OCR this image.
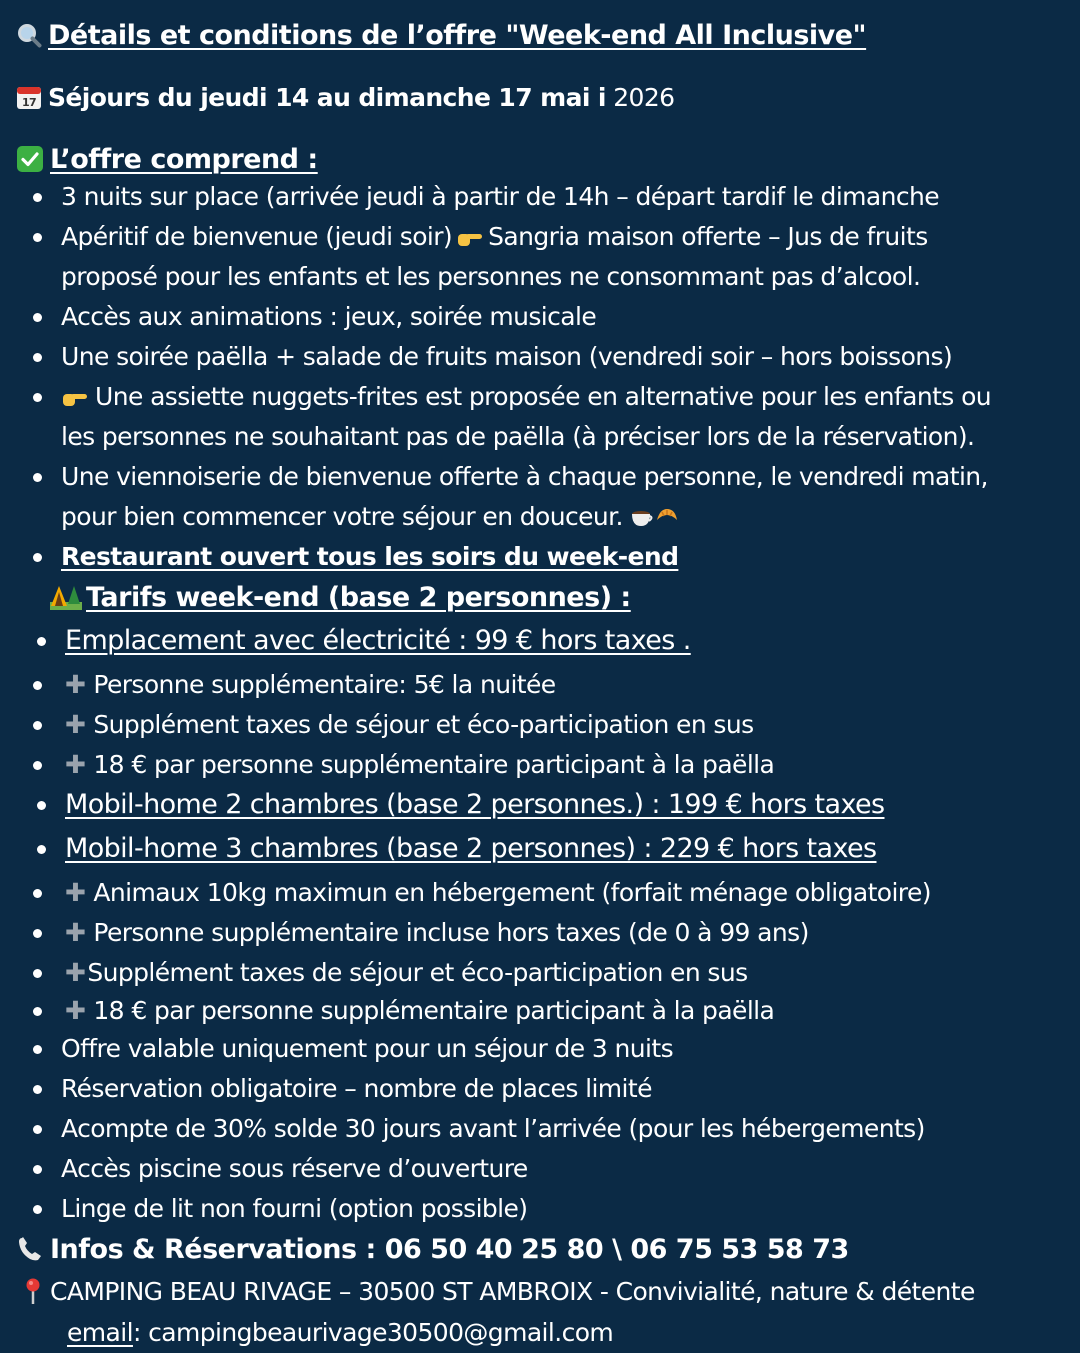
Détails et conditions de l’offre "Week-end All Inclusive"
17 Séjours du jeudi 14 au dimanche 17 mai i 2026
L’offre comprend :
3 nuits sur place (arrivée jeudi à partir de 14h – départ tardif le dimanche
Apéritif de bienvenue (jeudi soir) Sangria maison offerte – Jus de fruits
proposé pour les enfants et les personnes ne consommant pas d’alcool.
Accès aux animations : jeux, soirée musicale
Une soirée paëlla + salade de fruits maison (vendredi soir – hors boissons)
Une assiette nuggets-frites est proposée en alternative pour les enfants ou
les personnes ne souhaitant pas de paëlla (à préciser lors de la réservation).
Une viennoiserie de bienvenue offerte à chaque personne, le vendredi matin,
pour bien commencer votre séjour en douceur.
Restaurant ouvert tous les soirs du week-end
Tarifs week-end (base 2 personnes) :
Emplacement avec électricité : 99 € hors taxes .
✚ Personne supplémentaire: 5€ la nuitée
✚ Supplément taxes de séjour et éco-participation en sus
✚ 18 € par personne supplémentaire participant à la paëlla
Mobil-home 2 chambres (base 2 personnes.) : 199 € hors taxes
Mobil-home 3 chambres (base 2 personnes) : 229 € hors taxes
✚ Animaux 10kg maximun en hébergement (forfait ménage obligatoire)
✚ Personne supplémentaire incluse hors taxes (de 0 à 99 ans)
✚Supplément taxes de séjour et éco-participation en sus
✚ 18 € par personne supplémentaire participant à la paëlla
Offre valable uniquement pour un séjour de 3 nuits
Réservation obligatoire – nombre de places limité
Acompte de 30% solde 30 jours avant l’arrivée (pour les hébergements)
Accès piscine sous réserve d’ouverture
Linge de lit non fourni (option possible)
Infos & Réservations : 06 50 40 25 80 \ 06 75 53 58 73
CAMPING BEAU RIVAGE – 30500 ST AMBROIX - Convivialité, nature & détente
email: campingbeaurivage30500@gmail.com
